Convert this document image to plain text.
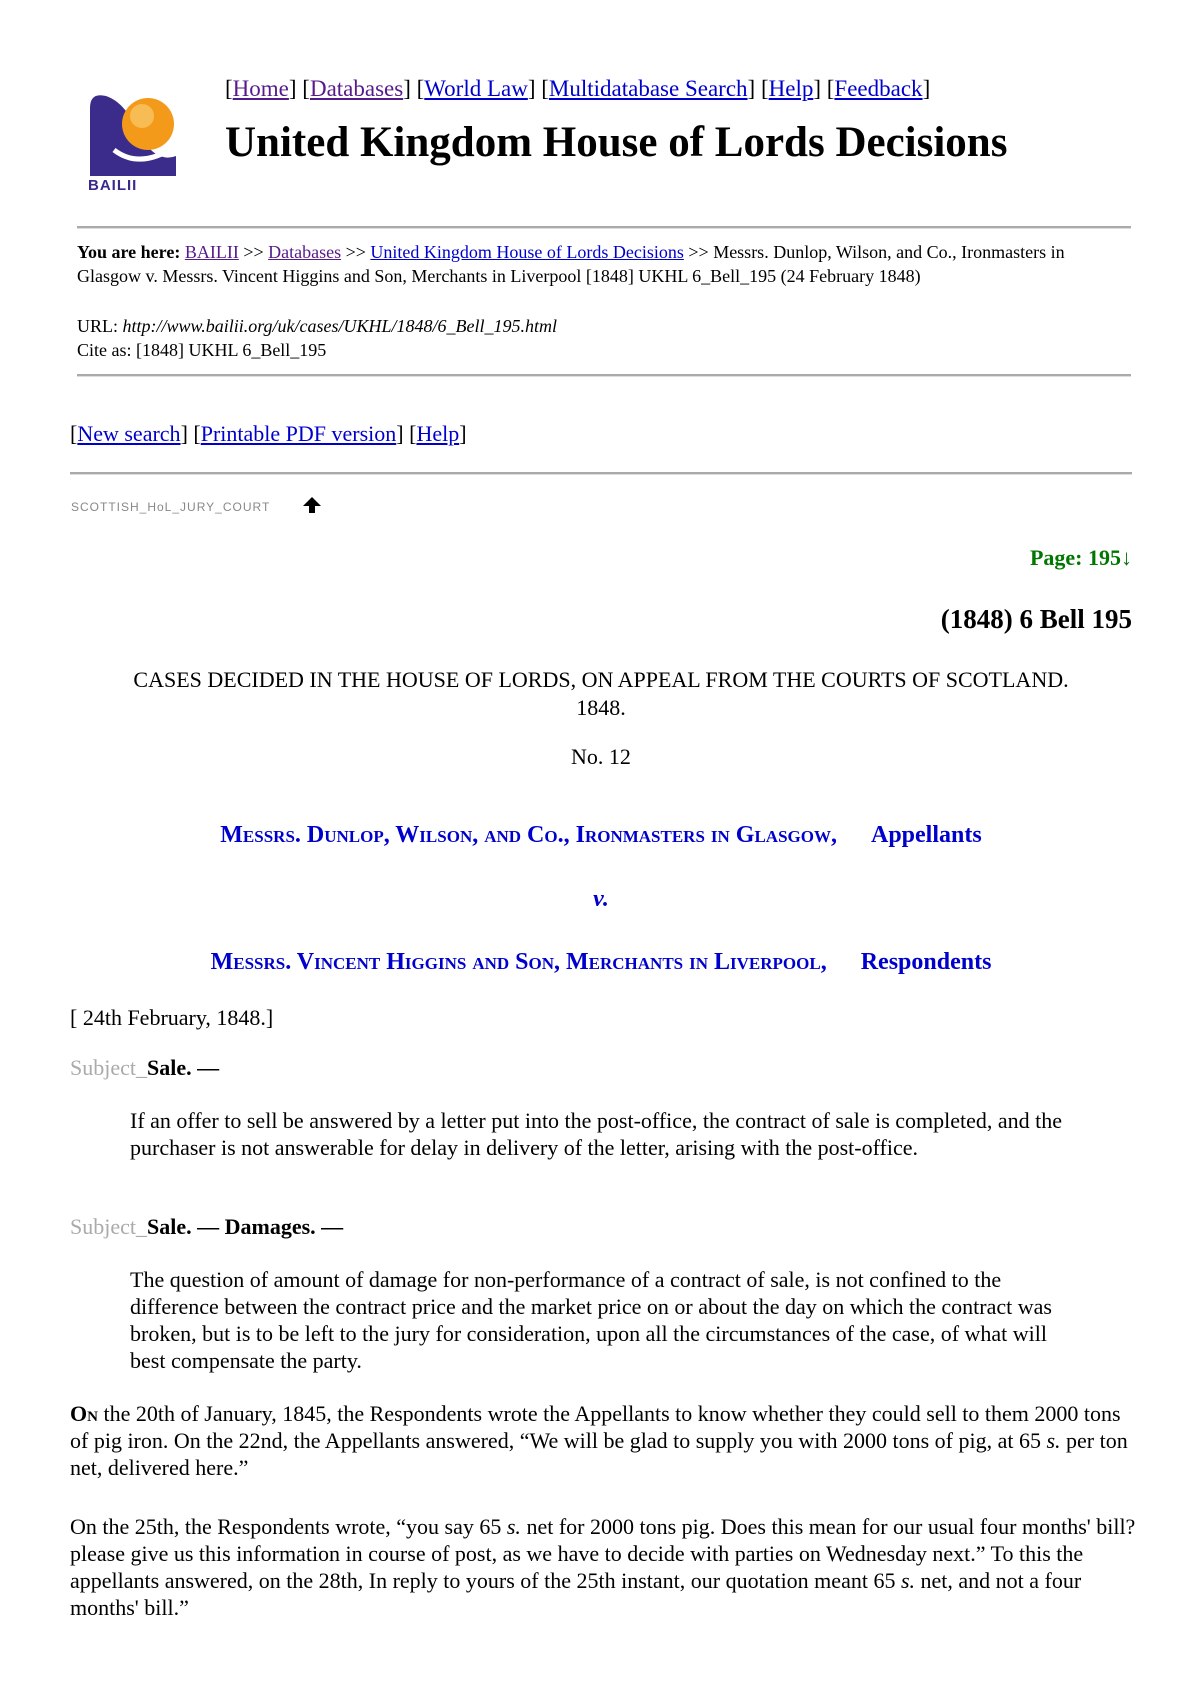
BAILII
[Home] [Databases] [World Law] [Multidatabase Search] [Help] [Feedback]
United Kingdom House of Lords Decisions
You are here: BAILII >> Databases >> United Kingdom House of Lords Decisions >> Messrs. Dunlop, Wilson, and Co., Ironmasters in Glasgow v. Messrs. Vincent Higgins and Son, Merchants in Liverpool [1848] UKHL 6_Bell_195 (24 February 1848)
URL: http://www.bailii.org/uk/cases/UKHL/1848/6_Bell_195.html
Cite as: [1848] UKHL 6_Bell_195
[New search] [Printable PDF version] [Help]
SCOTTISH_HoL_JURY_COURT
Page: 195↓
(1848) 6 Bell 195
CASES DECIDED IN THE HOUSE OF LORDS, ON APPEAL FROM THE COURTS OF SCOTLAND.
1848.
No. 12
Messrs. Dunlop, Wilson, and Co., Ironmasters in Glasgow, Appellants
v.
Messrs. Vincent Higgins and Son, Merchants in Liverpool, Respondents
[ 24th February, 1848.]
Subject_Sale. —

If an offer to sell be answered by a letter put into the post-office, the contract of sale is completed, and the purchaser is not answerable for delay in delivery of the letter, arising with the post-office.

Subject_Sale. — Damages. —

The question of amount of damage for non-performance of a contract of sale, is not confined to the difference between the contract price and the market price on or about the day on which the contract was broken, but is to be left to the jury for consideration, upon all the circumstances of the case, of what will best compensate the party.

On the 20th of January, 1845, the Respondents wrote the Appellants to know whether they could sell to them 2000 tons of pig iron. On the 22nd, the Appellants answered, “We will be glad to supply you with 2000 tons of pig, at 65 s. per ton net, delivered here.”

On the 25th, the Respondents wrote, “you say 65 s. net for 2000 tons pig. Does this mean for our usual four months' bill? please give us this information in course of post, as we have to decide with parties on Wednesday next.” To this the appellants answered, on the 28th, In reply to yours of the 25th instant, our quotation meant 65 s. net, and not a four months' bill.”
